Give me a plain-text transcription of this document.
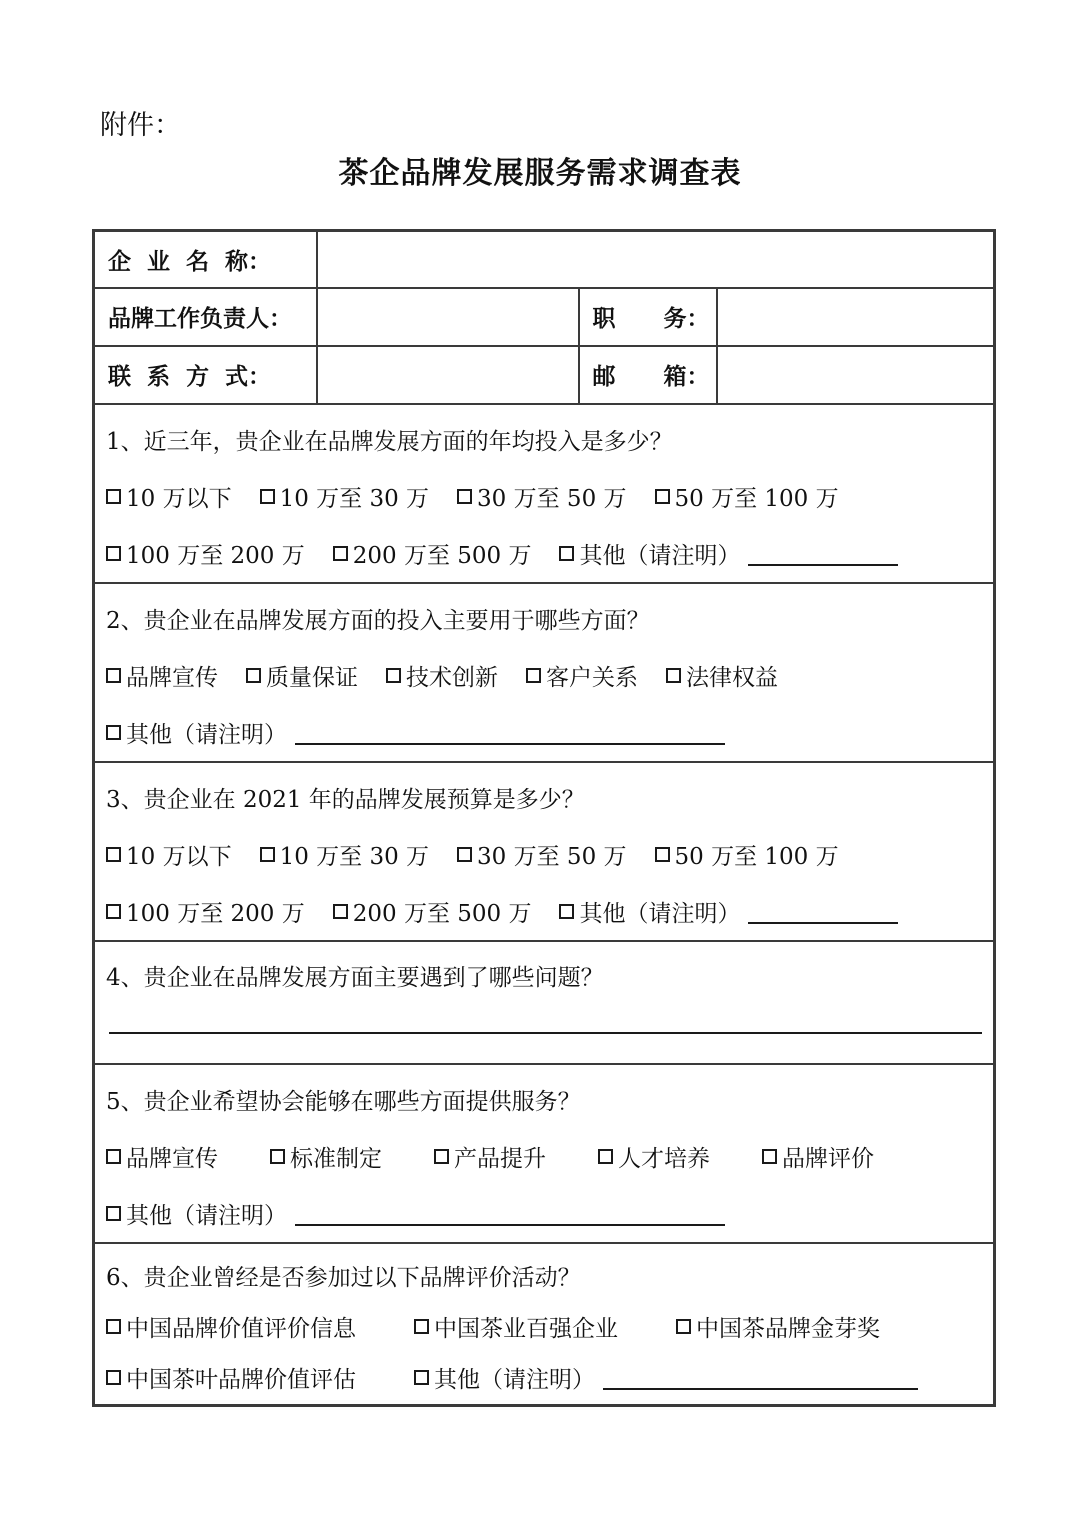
附件：
茶企品牌发展服务需求调查表
企  业  名  称：			
品牌工作负责人：		职      务：	
联  系  方  式：		邮      箱：	

1、近三年，贵企业在品牌发展方面的年均投入是多少？
10 万以下 10 万至 30 万 30 万至 50 万 50 万至 100 万
100 万至 200 万 200 万至 500 万 其他（请注明）

2、贵企业在品牌发展方面的投入主要用于哪些方面？
品牌宣传 质量保证 技术创新 客户关系 法律权益
其他（请注明）

3、贵企业在 2021 年的品牌发展预算是多少？
10 万以下 10 万至 30 万 30 万至 50 万 50 万至 100 万
100 万至 200 万 200 万至 500 万 其他（请注明）

4、贵企业在品牌发展方面主要遇到了哪些问题？			

5、贵企业希望协会能够在哪些方面提供服务？
品牌宣传	标准制定	产品提升	人才培养	品牌评价
其他（请注明）

6、贵企业曾经是否参加过以下品牌评价活动？
中国品牌价值评价信息	中国茶业百强企业	中国茶品牌金芽奖
中国茶叶品牌价值评估	其他（请注明）
